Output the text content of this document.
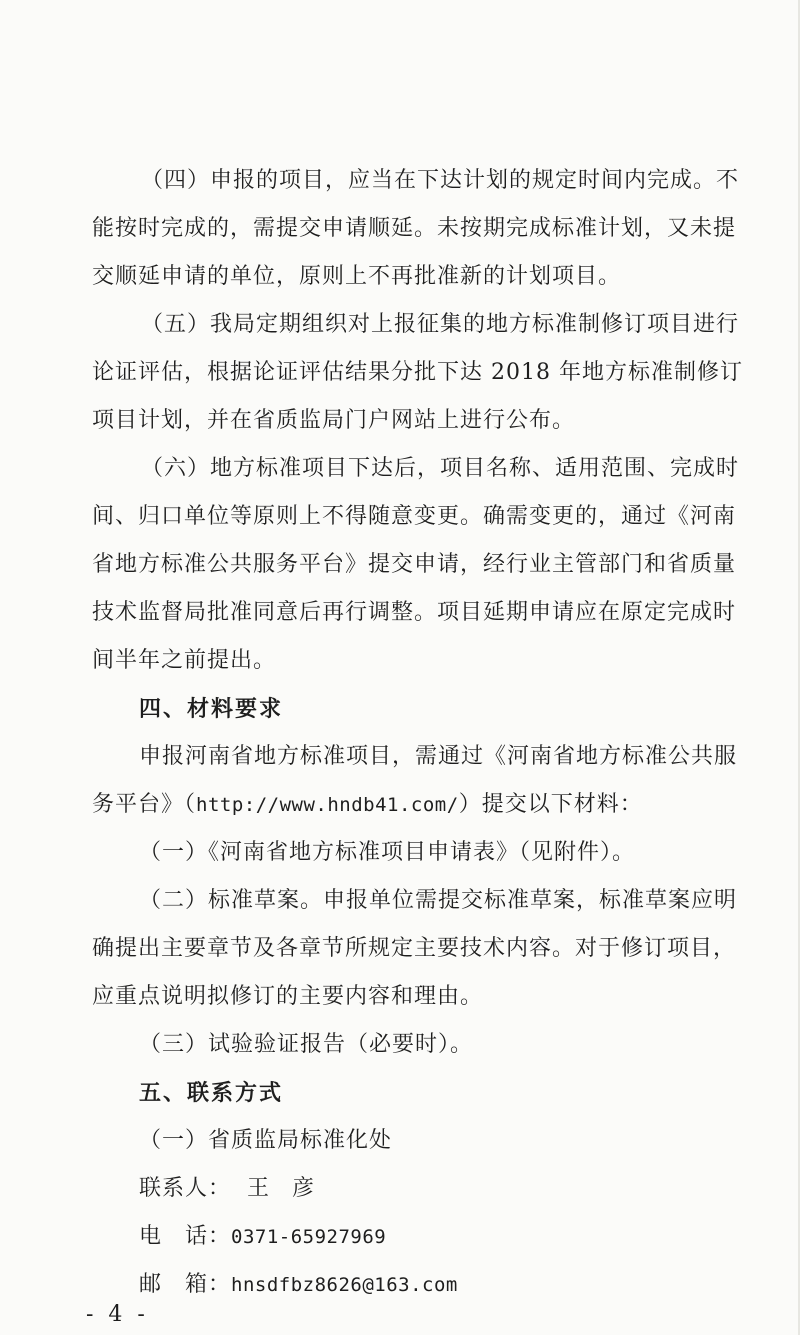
（四）申报的项目，应当在下达计划的规定时间内完成。不
能按时完成的，需提交申请顺延。未按期完成标准计划，又未提
交顺延申请的单位，原则上不再批准新的计划项目。
（五）我局定期组织对上报征集的地方标准制修订项目进行
论证评估，根据论证评估结果分批下达 2018 年地方标准制修订
项目计划，并在省质监局门户网站上进行公布。
（六）地方标准项目下达后，项目名称、适用范围、完成时
间、归口单位等原则上不得随意变更。确需变更的，通过《河南
省地方标准公共服务平台》提交申请，经行业主管部门和省质量
技术监督局批准同意后再行调整。项目延期申请应在原定完成时
间半年之前提出。
四、材料要求
申报河南省地方标准项目，需通过《河南省地方标准公共服
务平台》（http://www.hndb41.com/）提交以下材料：
（一）《河南省地方标准项目申请表》（见附件）。
（二）标准草案。申报单位需提交标准草案，标准草案应明
确提出主要章节及各章节所规定主要技术内容。对于修订项目，
应重点说明拟修订的主要内容和理由。
（三）试验验证报告（必要时）。
五、联系方式
（一）省质监局标准化处
联系人： 王 彦
电　话：0371-65927969
邮　箱：hnsdfbz8626@163.com
- 4 -
